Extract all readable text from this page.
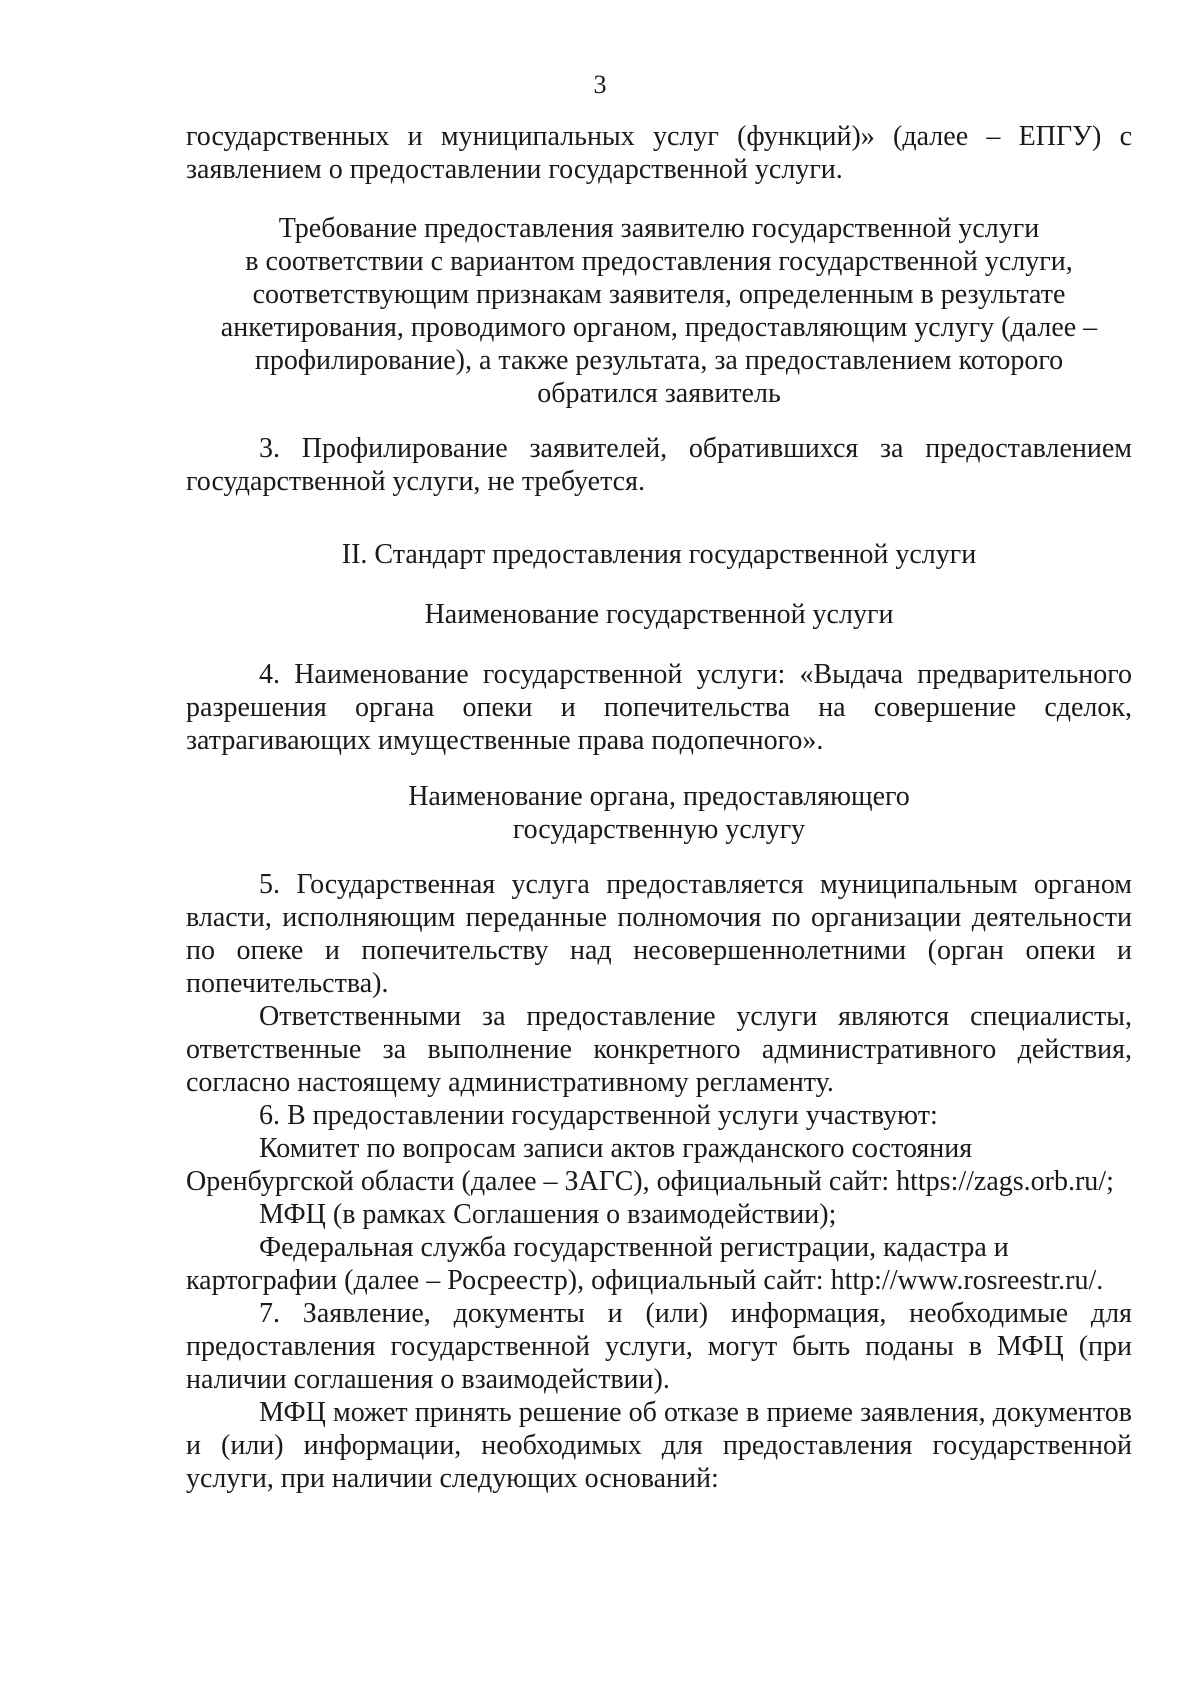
3
государственных и муниципальных услуг (функций)» (далее – ЕПГУ) с
заявлением о предоставлении государственной услуги.
Требование предоставления заявителю государственной услуги
в соответствии с вариантом предоставления государственной услуги,
соответствующим признакам заявителя, определенным в результате
анкетирования, проводимого органом, предоставляющим услугу (далее –
профилирование), а также результата, за предоставлением которого
обратился заявитель
3. Профилирование заявителей, обратившихся за предоставлением
государственной услуги, не требуется.
II. Стандарт предоставления государственной услуги
Наименование государственной услуги
4. Наименование государственной услуги: «Выдача предварительного
разрешения органа опеки и попечительства на совершение сделок,
затрагивающих имущественные права подопечного».
Наименование органа, предоставляющего
государственную услугу
5. Государственная услуга предоставляется муниципальным органом
власти, исполняющим переданные полномочия по организации деятельности
по опеке и попечительству над несовершеннолетними (орган опеки и
попечительства).
Ответственными за предоставление услуги являются специалисты,
ответственные за выполнение конкретного административного действия,
согласно настоящему административному регламенту.
6. В предоставлении государственной услуги участвуют:
Комитет по вопросам записи актов гражданского состояния
Оренбургской области (далее – ЗАГС), официальный сайт: https://zags.orb.ru/;
МФЦ (в рамках Соглашения о взаимодействии);
Федеральная служба государственной регистрации, кадастра и
картографии (далее – Росреестр), официальный сайт: http://www.rosreestr.ru/.
7. Заявление, документы и (или) информация, необходимые для
предоставления государственной услуги, могут быть поданы в МФЦ (при
наличии соглашения о взаимодействии).
МФЦ может принять решение об отказе в приеме заявления, документов
и (или) информации, необходимых для предоставления государственной
услуги, при наличии следующих оснований:
